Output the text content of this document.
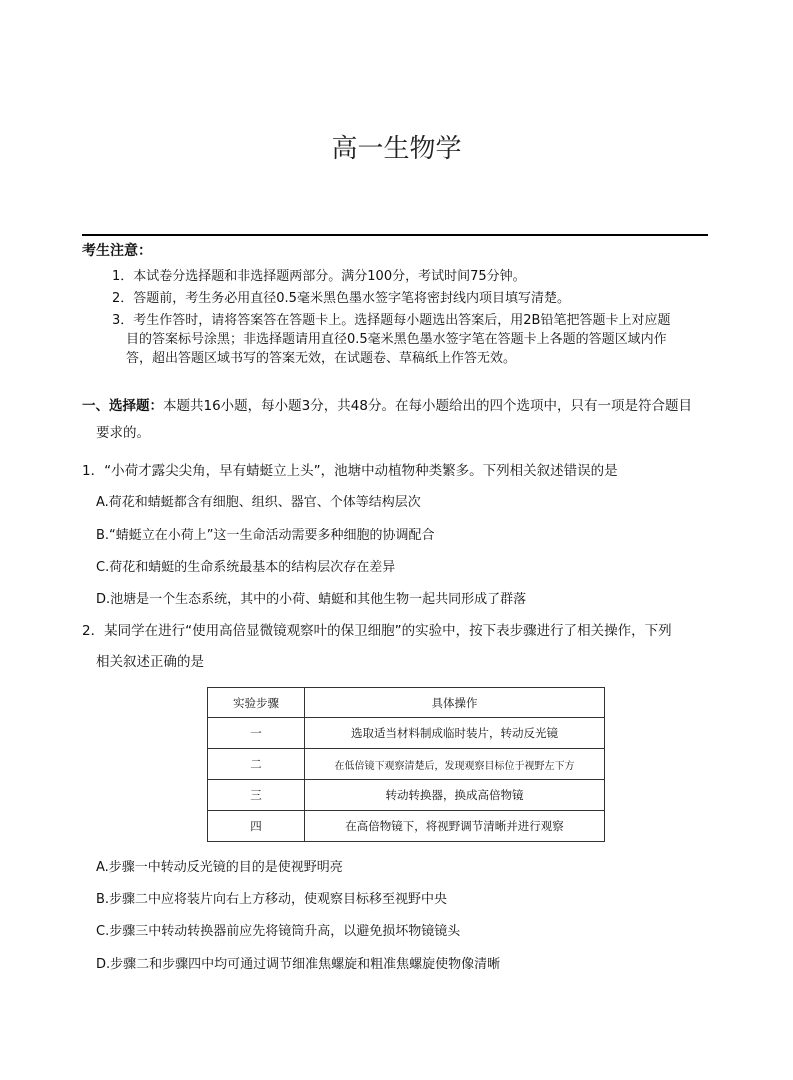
高一生物学
考生注意：
1．本试卷分选择题和非选择题两部分。满分100分，考试时间75分钟。
2．答题前，考生务必用直径0.5毫米黑色墨水签字笔将密封线内项目填写清楚。
3．考生作答时，请将答案答在答题卡上。选择题每小题选出答案后，用2B铅笔把答题卡上对应题
目的答案标号涂黑；非选择题请用直径0.5毫米黑色墨水签字笔在答题卡上各题的答题区域内作
答，超出答题区域书写的答案无效，在试题卷、草稿纸上作答无效。
一、选择题：本题共16小题，每小题3分，共48分。在每小题给出的四个选项中，只有一项是符合题目
要求的。
1．“小荷才露尖尖角，早有蜻蜓立上头”，池塘中动植物种类繁多。下列相关叙述错误的是
A.荷花和蜻蜓都含有细胞、组织、器官、个体等结构层次
B.“蜻蜓立在小荷上”这一生命活动需要多种细胞的协调配合
C.荷花和蜻蜓的生命系统最基本的结构层次存在差异
D.池塘是一个生态系统，其中的小荷、蜻蜓和其他生物一起共同形成了群落
2．某同学在进行“使用高倍显微镜观察叶的保卫细胞”的实验中，按下表步骤进行了相关操作，下列
相关叙述正确的是
实验步骤	具体操作
一	选取适当材料制成临时装片，转动反光镜
二	在低倍镜下观察清楚后，发现观察目标位于视野左下方
三	转动转换器，换成高倍物镜
四	在高倍物镜下，将视野调节清晰并进行观察
A.步骤一中转动反光镜的目的是使视野明亮
B.步骤二中应将装片向右上方移动，使观察目标移至视野中央
C.步骤三中转动转换器前应先将镜筒升高，以避免损坏物镜镜头
D.步骤二和步骤四中均可通过调节细准焦螺旋和粗准焦螺旋使物像清晰
